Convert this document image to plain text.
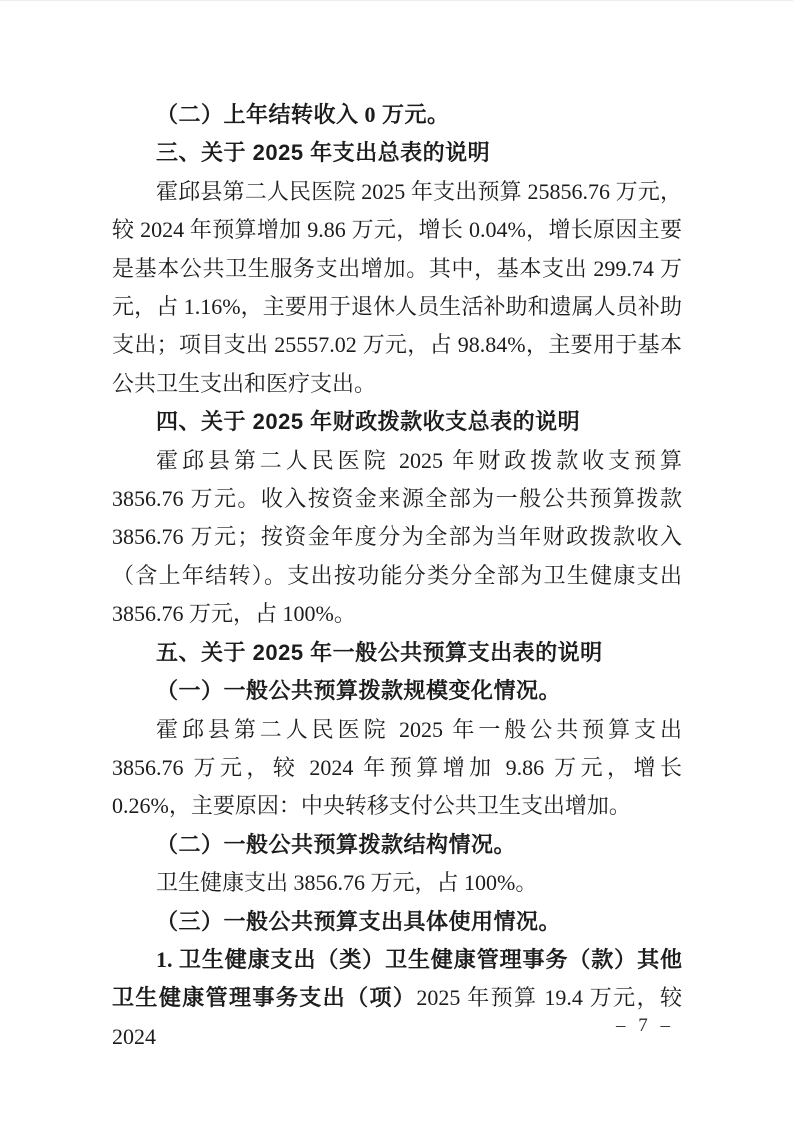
（二）上年结转收入 0 万元。

三、关于 2025 年支出总表的说明

霍邱县第二人民医院 2025 年支出预算 25856.76 万元，较 2024 年预算增加 9.86 万元，增长 0.04%，增长原因主要是基本公共卫生服务支出增加。其中，基本支出 299.74 万元，占 1.16%，主要用于退休人员生活补助和遗属人员补助支出；项目支出 25557.02 万元，占 98.84%，主要用于基本公共卫生支出和医疗支出。

四、关于 2025 年财政拨款收支总表的说明

霍邱县第二人民医院 2025 年财政拨款收支预算 3856.76 万元。收入按资金来源全部为一般公共预算拨款 3856.76 万元；按资金年度分为全部为当年财政拨款收入（含上年结转）。支出按功能分类分全部为卫生健康支出 3856.76 万元，占 100%。

五、关于 2025 年一般公共预算支出表的说明

（一）一般公共预算拨款规模变化情况。

霍邱县第二人民医院 2025 年一般公共预算支出 3856.76 万元，较 2024 年预算增加 9.86 万元，增长 0.26%，主要原因：中央转移支付公共卫生支出增加。

（二）一般公共预算拨款结构情况。

卫生健康支出 3856.76 万元，占 100%。

（三）一般公共预算支出具体使用情况。

1. 卫生健康支出（类）卫生健康管理事务（款）其他卫生健康管理事务支出（项）2025 年预算 19.4 万元，较 2024	– 7 –
